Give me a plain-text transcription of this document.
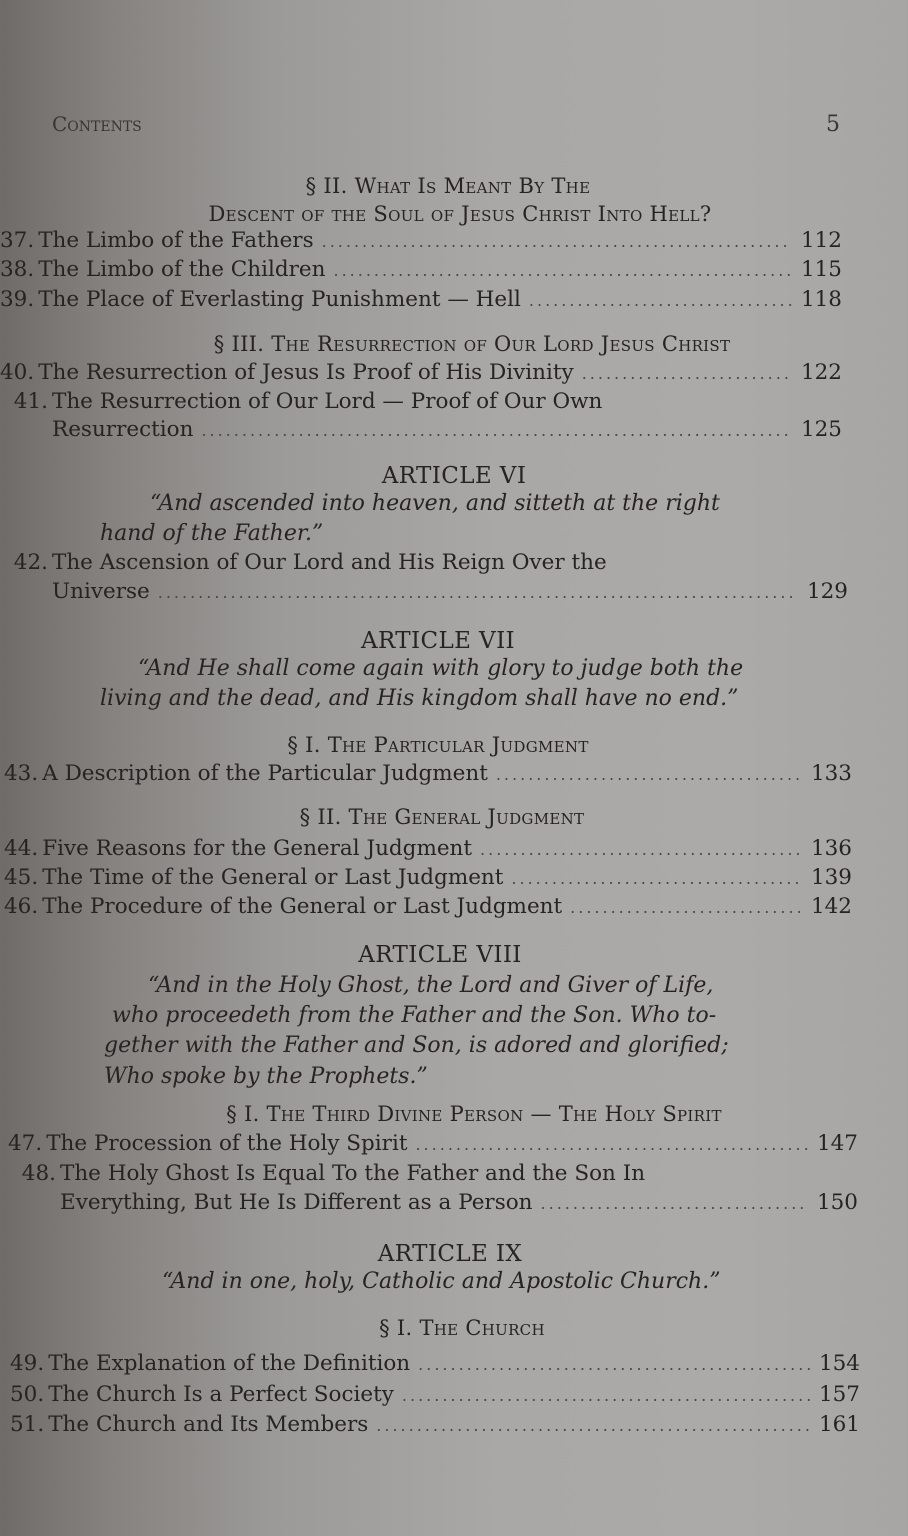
Contents	5
§ II. What Is Meant By The
Descent of the Soul of Jesus Christ Into Hell?
37. The Limbo of the Fathers .....	112
38. The Limbo of the Children .....	115
39. The Place of Everlasting Punishment — Hell .....	118
§ III. The Resurrection of Our Lord Jesus Christ
40. The Resurrection of Jesus Is Proof of His Divinity .....	122
41. The Resurrection of Our Lord — Proof of Our Own
Resurrection .....	125
ARTICLE VI
“And ascended into heaven, and sitteth at the right
hand of the Father.”
42. The Ascension of Our Lord and His Reign Over the
Universe .....	129
ARTICLE VII
“And He shall come again with glory to judge both the
living and the dead, and His kingdom shall have no end.”
§ I. The Particular Judgment
43. A Description of the Particular Judgment .....	133
§ II. The General Judgment
44. Five Reasons for the General Judgment .....	136
45. The Time of the General or Last Judgment .....	139
46. The Procedure of the General or Last Judgment .....	142
ARTICLE VIII
“And in the Holy Ghost, the Lord and Giver of Life,
who proceedeth from the Father and the Son. Who to-
gether with the Father and Son, is adored and glorified;
Who spoke by the Prophets.”
§ I. The Third Divine Person — The Holy Spirit
47. The Procession of the Holy Spirit .....	147
48. The Holy Ghost Is Equal To the Father and the Son In
Everything, But He Is Different as a Person .....	150
ARTICLE IX
“And in one, holy, Catholic and Apostolic Church.”
§ I. The Church
49. The Explanation of the Definition .....	154
50. The Church Is a Perfect Society .....	157
51. The Church and Its Members .....	161
